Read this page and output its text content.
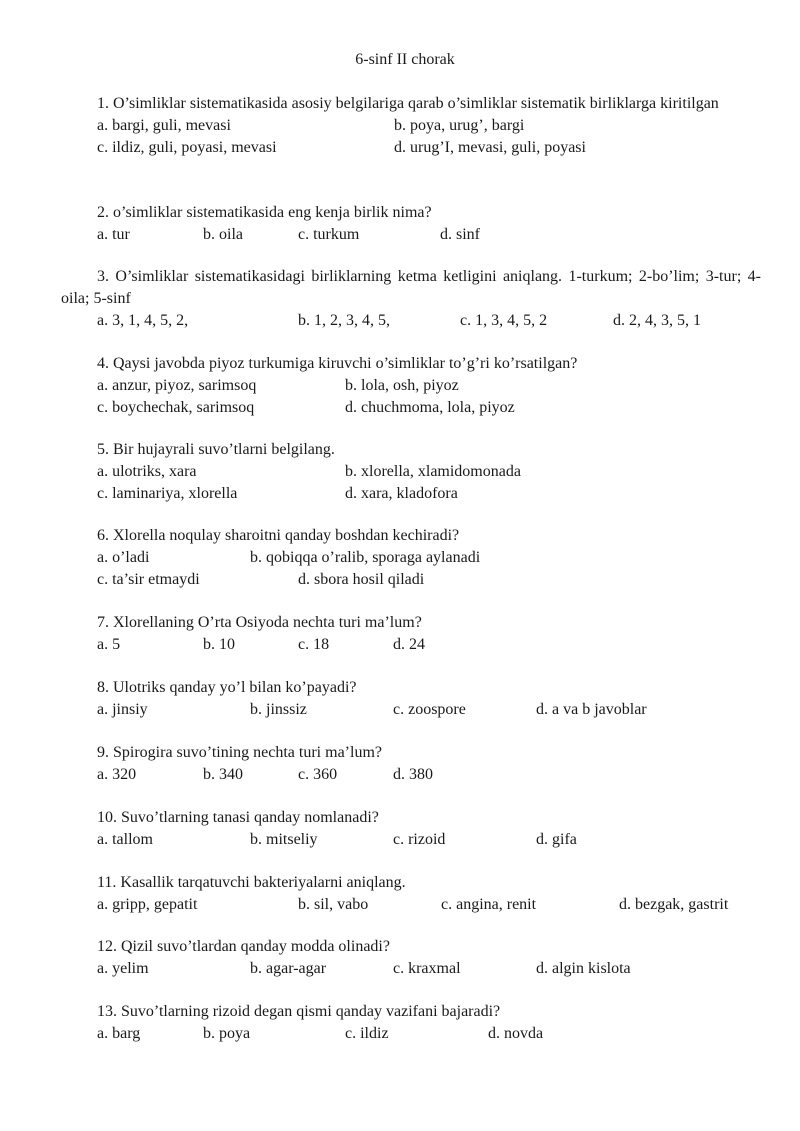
6-sinf II chorak
1. O’simliklar sistematikasida asosiy belgilariga qarab o’simliklar sistematik birliklarga kiritilgan
a. bargi, guli, mevasi	b. poya, urug’, bargi
c. ildiz, guli, poyasi, mevasi	d. urug’I, mevasi, guli, poyasi
2. o’simliklar sistematikasida eng kenja birlik nima?
a. tur	b. oila	c. turkum	d. sinf
3. O’simliklar sistematikasidagi birliklarning ketma ketligini aniqlang. 1-turkum; 2-bo’lim; 3-tur; 4-oila; 5-sinf
a. 3, 1, 4, 5, 2,	b. 1, 2, 3, 4, 5,	c. 1, 3, 4, 5, 2	d. 2, 4, 3, 5, 1
4. Qaysi javobda piyoz turkumiga kiruvchi o’simliklar to’g’ri ko’rsatilgan?
a. anzur, piyoz, sarimsoq	b. lola, osh, piyoz
c. boychechak, sarimsoq	d. chuchmoma, lola, piyoz
5. Bir hujayrali suvo’tlarni belgilang.
a. ulotriks, xara	b. xlorella, xlamidomonada
c. laminariya, xlorella	d. xara, kladofora
6. Xlorella noqulay sharoitni qanday boshdan kechiradi?
a. o’ladi	b. qobiqqa o’ralib, sporaga aylanadi
c. ta’sir etmaydi	d. sbora hosil qiladi
7. Xlorellaning O’rta Osiyoda nechta turi ma’lum?
a. 5	b. 10	c. 18	d. 24
8. Ulotriks qanday yo’l bilan ko’payadi?
a. jinsiy	b. jinssiz	c. zoospore	d. a va b javoblar
9. Spirogira suvo’tining nechta turi ma’lum?
a. 320	b. 340	c. 360	d. 380
10. Suvo’tlarning tanasi qanday nomlanadi?
a. tallom	b. mitseliy	c. rizoid	d. gifa
11. Kasallik tarqatuvchi bakteriyalarni aniqlang.
a. gripp, gepatit	b. sil, vabo	c. angina, renit	d. bezgak, gastrit
12. Qizil suvo’tlardan qanday modda olinadi?
a. yelim	b. agar-agar	c. kraxmal	d. algin kislota
13. Suvo’tlarning rizoid degan qismi qanday vazifani bajaradi?
a. barg	b. poya	c. ildiz	d. novda
